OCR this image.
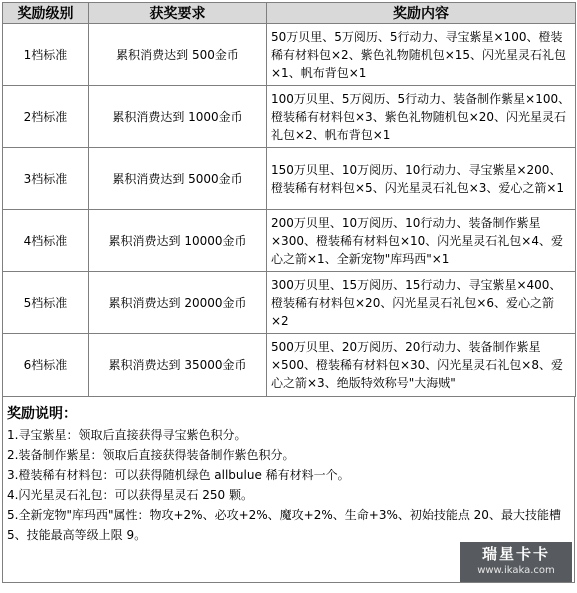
奖励级别	获奖要求	奖励内容
1档标准	累积消费达到 500金币	50万贝里、5万阅历、5行动力、寻宝紫星×100、橙装稀有材料包×2、紫色礼物随机包×15、闪光星灵石礼包×1、帆布背包×1
2档标准	累积消费达到 1000金币	100万贝里、5万阅历、5行动力、装备制作紫星×100、橙装稀有材料包×3、紫色礼物随机包×20、闪光星灵石礼包×2、帆布背包×1
3档标准	累积消费达到 5000金币	150万贝里、10万阅历、10行动力、寻宝紫星×200、橙装稀有材料包×5、闪光星灵石礼包×3、爱心之箭×1
4档标准	累积消费达到 10000金币	200万贝里、10万阅历、10行动力、装备制作紫星×300、橙装稀有材料包×10、闪光星灵石礼包×4、爱心之箭×1、全新宠物"库玛西"×1
5档标准	累积消费达到 20000金币	300万贝里、15万阅历、15行动力、寻宝紫星×400、橙装稀有材料包×20、闪光星灵石礼包×6、爱心之箭×2
6档标准	累积消费达到 35000金币	500万贝里、20万阅历、20行动力、装备制作紫星×500、橙装稀有材料包×30、闪光星灵石礼包×8、爱心之箭×3、绝版特效称号"大海贼"
奖励说明：

1.寻宝紫星：领取后直接获得寻宝紫色积分。

2.装备制作紫星：领取后直接获得装备制作紫色积分。

3.橙装稀有材料包：可以获得随机绿色 allbulue 稀有材料一个。

4.闪光星灵石礼包：可以获得星灵石 250 颗。

5.全新宠物"库玛西"属性：物攻+2%、必攻+2%、魔攻+2%、生命+3%、初始技能点 20、最大技能槽 5、技能最高等级上限 9。

瑞星卡卡
www.ikaka.com
